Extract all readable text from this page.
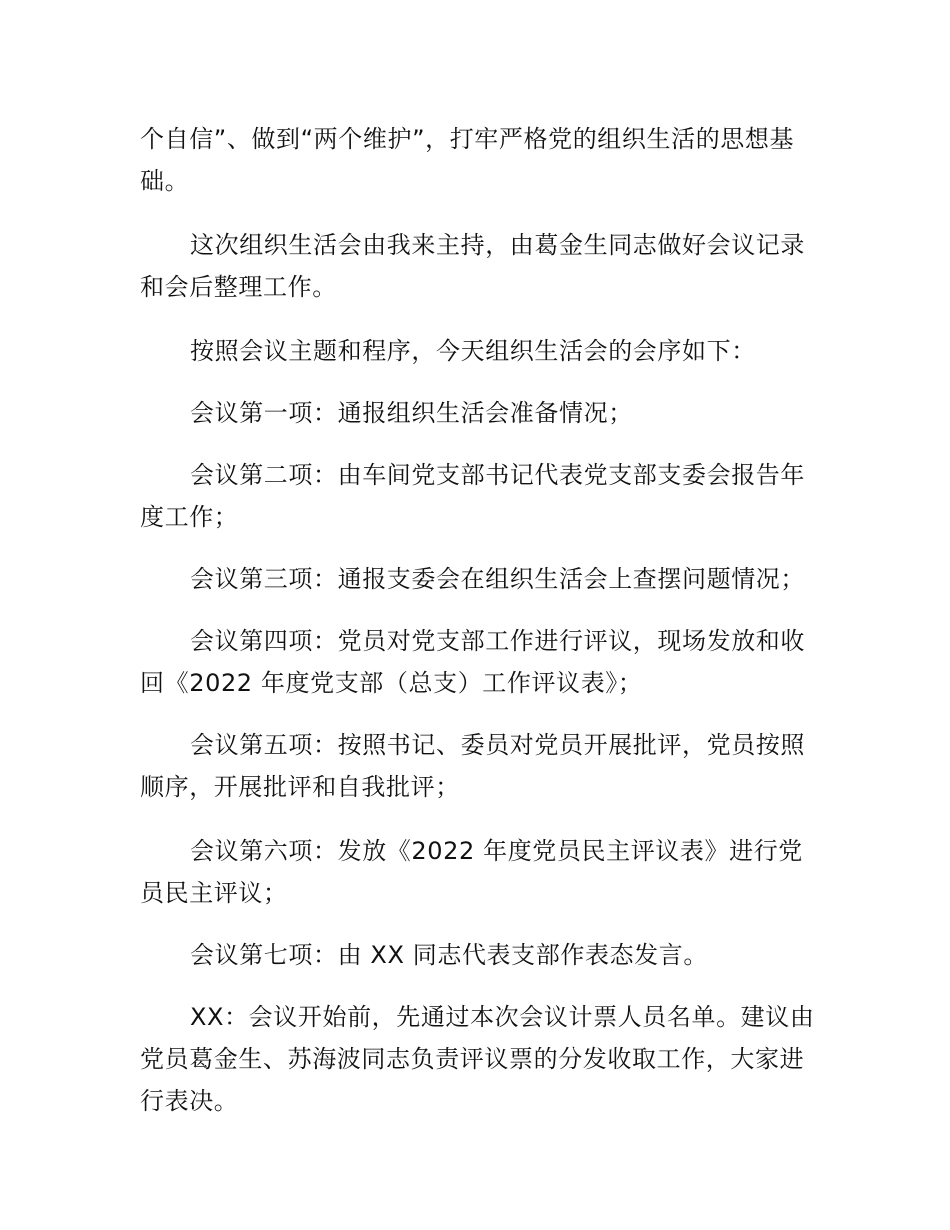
个自信”、做到“两个维护”，打牢严格党的组织生活的思想基础。

这次组织生活会由我来主持，由葛金生同志做好会议记录和会后整理工作。

按照会议主题和程序，今天组织生活会的会序如下：

会议第一项：通报组织生活会准备情况；

会议第二项：由车间党支部书记代表党支部支委会报告年度工作；

会议第三项：通报支委会在组织生活会上查摆问题情况；

会议第四项：党员对党支部工作进行评议，现场发放和收回《2022 年度党支部（总支）工作评议表》；

会议第五项：按照书记、委员对党员开展批评，党员按照顺序，开展批评和自我批评；

会议第六项：发放《2022 年度党员民主评议表》进行党员民主评议；

会议第七项：由 XX 同志代表支部作表态发言。

XX：会议开始前，先通过本次会议计票人员名单。建议由党员葛金生、苏海波同志负责评议票的分发收取工作，大家进行表决。
